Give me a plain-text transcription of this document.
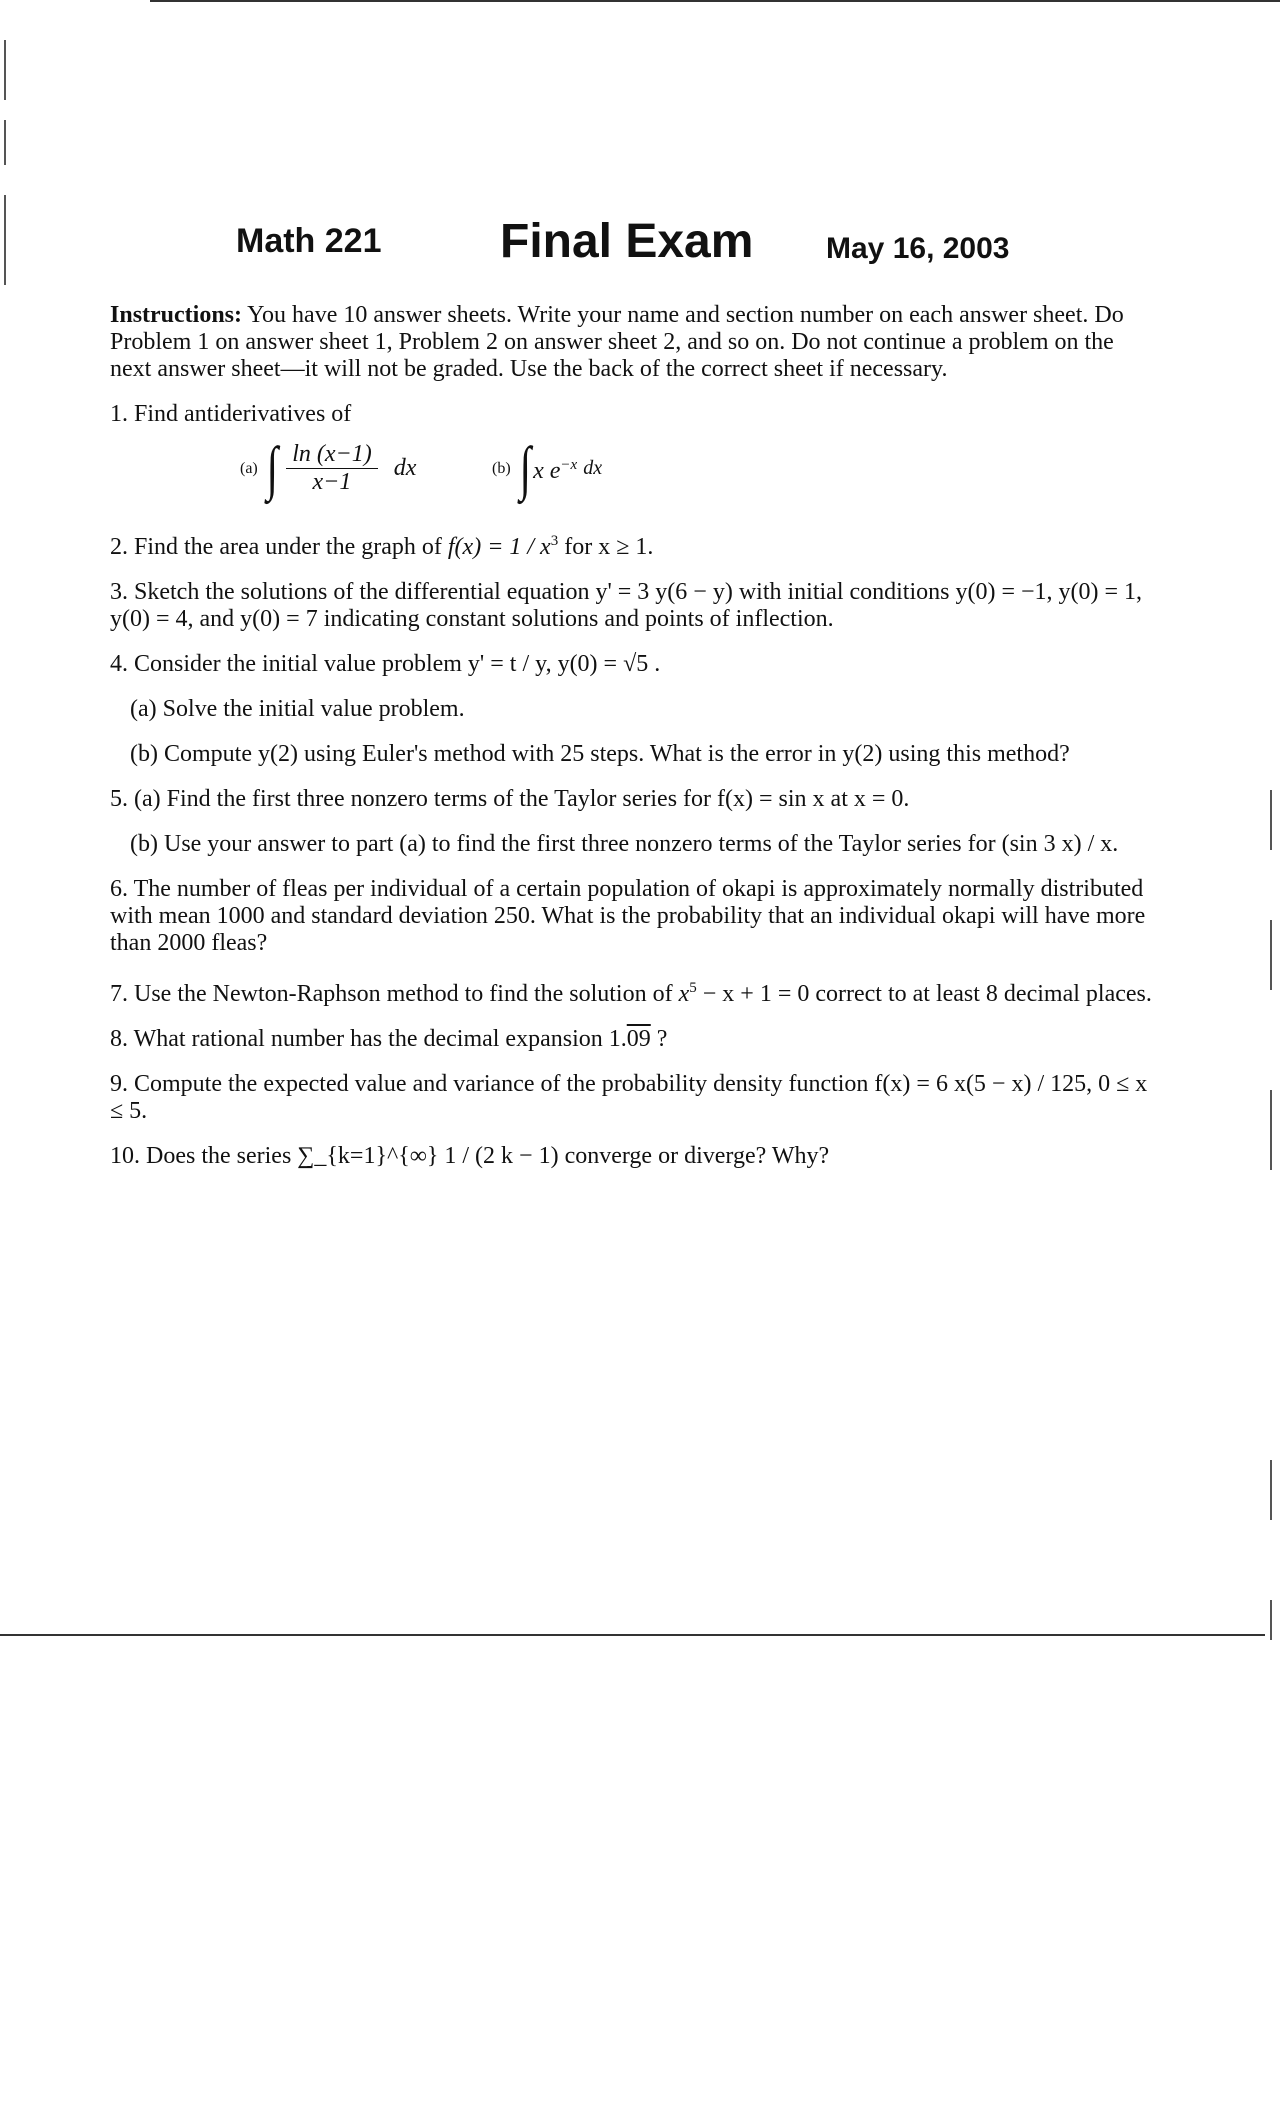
Math 221 Final Exam May 16, 2003

Instructions: You have 10 answer sheets. Write your name and section number on each answer sheet. Do Problem 1 on answer sheet 1, Problem 2 on answer sheet 2, and so on. Do not continue a problem on the next answer sheet—it will not be graded. Use the back of the correct sheet if necessary.

1. Find antiderivatives of

(a) ∫ $\frac{\ln (x-1)}{x-1}$ dx	(b) ∫ x $e^{-x}$ dx

2. Find the area under the graph of $f(x) = 1 / x^3$ for x ≥ 1.

3. Sketch the solutions of the differential equation y' = 3 y(6 − y) with initial conditions y(0) = −1, y(0) = 1, y(0) = 4, and y(0) = 7 indicating constant solutions and points of inflection.

4. Consider the initial value problem y' = t / y, y(0) = √5 .

(a) Solve the initial value problem.

(b) Compute y(2) using Euler's method with 25 steps. What is the error in y(2) using this method?

5. (a) Find the first three nonzero terms of the Taylor series for f(x) = sin x at x = 0.

(b) Use your answer to part (a) to find the first three nonzero terms of the Taylor series for (sin 3 x) / x.

6. The number of fleas per individual of a certain population of okapi is approximately normally distributed with mean 1000 and standard deviation 250. What is the probability that an individual okapi will have more than 2000 fleas?

7. Use the Newton-Raphson method to find the solution of $x^5 - x + 1 = 0$ correct to at least 8 decimal places.

8. What rational number has the decimal expansion 1.09 ?

9. Compute the expected value and variance of the probability density function f(x) = 6 x(5 − x) / 125, 0 ≤ x ≤ 5.

10. Does the series ∑_{k=1}^{∞} 1 / (2 k − 1) converge or diverge? Why?
